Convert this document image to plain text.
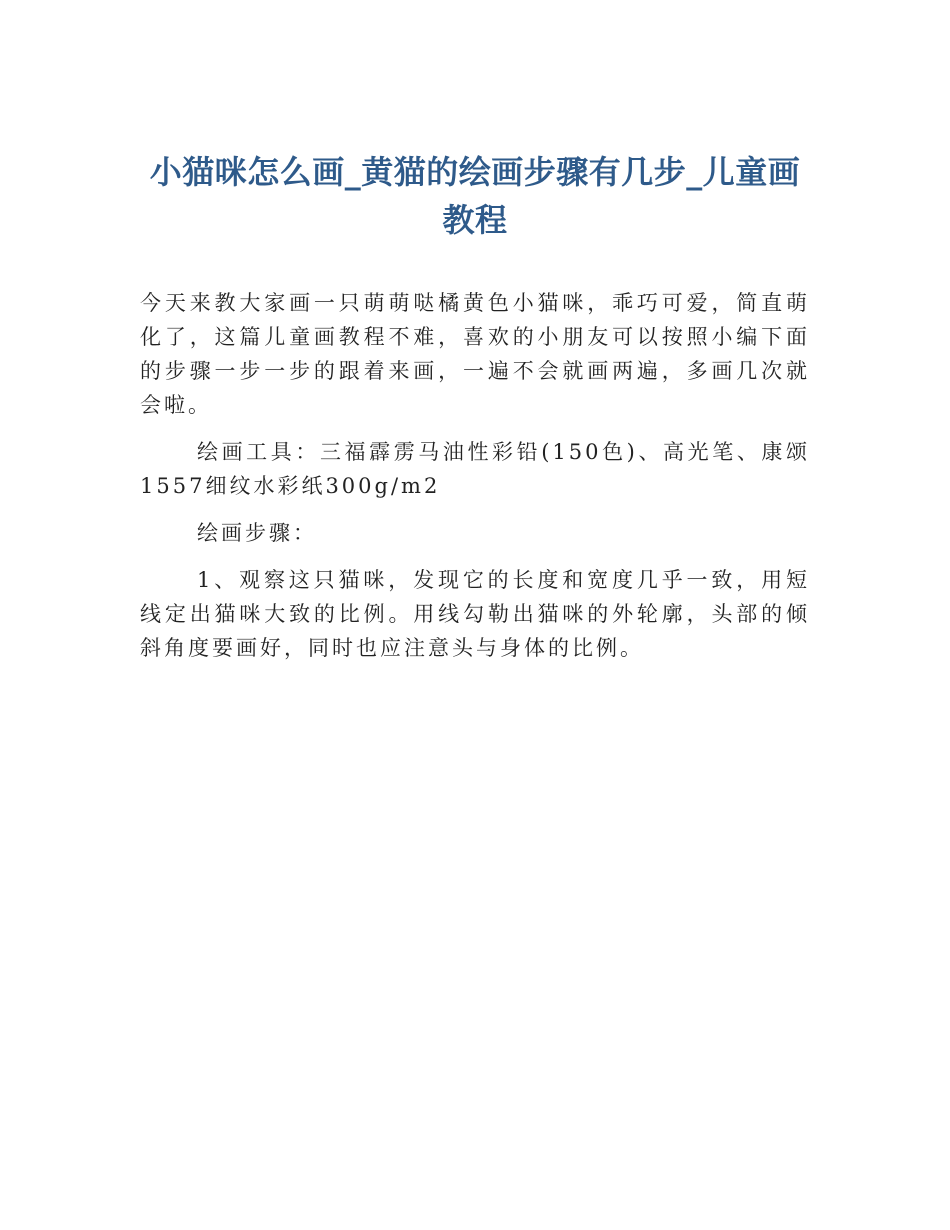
小猫咪怎么画_黄猫的绘画步骤有几步_儿童画教程

今天来教大家画一只萌萌哒橘黄色小猫咪，乖巧可爱，简直萌化了，这篇儿童画教程不难，喜欢的小朋友可以按照小编下面的步骤一步一步的跟着来画，一遍不会就画两遍，多画几次就会啦。

绘画工具：三福霹雳马油性彩铅(150色)、高光笔、康颂1557细纹水彩纸300g/m2

绘画步骤：

1、观察这只猫咪，发现它的长度和宽度几乎一致，用短线定出猫咪大致的比例。用线勾勒出猫咪的外轮廓，头部的倾斜角度要画好，同时也应注意头与身体的比例。
